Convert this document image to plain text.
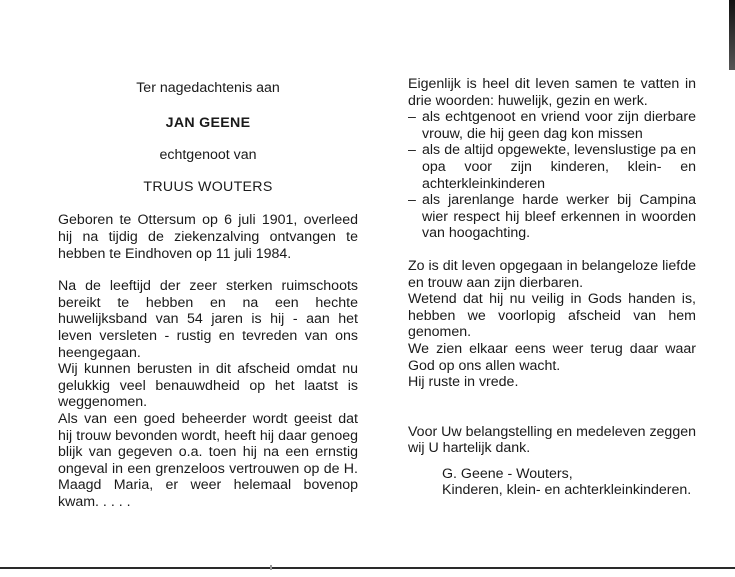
Ter nagedachtenis aan
JAN GEENE
echtgenoot van
TRUUS WOUTERS

Geboren te Ottersum op 6 juli 1901, overleed hij na tijdig de ziekenzalving ontvangen te hebben te Eindhoven op 11 juli 1984.

Na de leeftijd der zeer sterken ruimschoots bereikt te hebben en na een hechte huwelijksband van 54 jaren is hij - aan het leven versleten - rustig en tevreden van ons heengegaan.

Wij kunnen berusten in dit afscheid omdat nu gelukkig veel benauwdheid op het laatst is weggenomen.

Als van een goed beheerder wordt geeist dat hij trouw bevonden wordt, heeft hij daar genoeg blijk van gegeven o.a. toen hij na een ernstig ongeval in een grenzeloos vertrouwen op de H. Maagd Maria, er weer helemaal bovenop kwam. . . . .

Eigenlijk is heel dit leven samen te vatten in drie woorden: huwelijk, gezin en werk.

– als echtgenoot en vriend voor zijn dierbare vrouw, die hij geen dag kon missen
– als de altijd opgewekte, levenslustige pa en opa voor zijn kinderen, klein- en achterkleinkinderen
– als jarenlange harde werker bij Campina wier respect hij bleef erkennen in woorden van hoogachting.

Zo is dit leven opgegaan in belangeloze liefde en trouw aan zijn dierbaren.

Wetend dat hij nu veilig in Gods handen is, hebben we voorlopig afscheid van hem genomen.

We zien elkaar eens weer terug daar waar God op ons allen wacht.

Hij ruste in vrede.

Voor Uw belangstelling en medeleven zeggen wij U hartelijk dank.

G. Geene - Wouters,

Kinderen, klein- en achterkleinkinderen.
